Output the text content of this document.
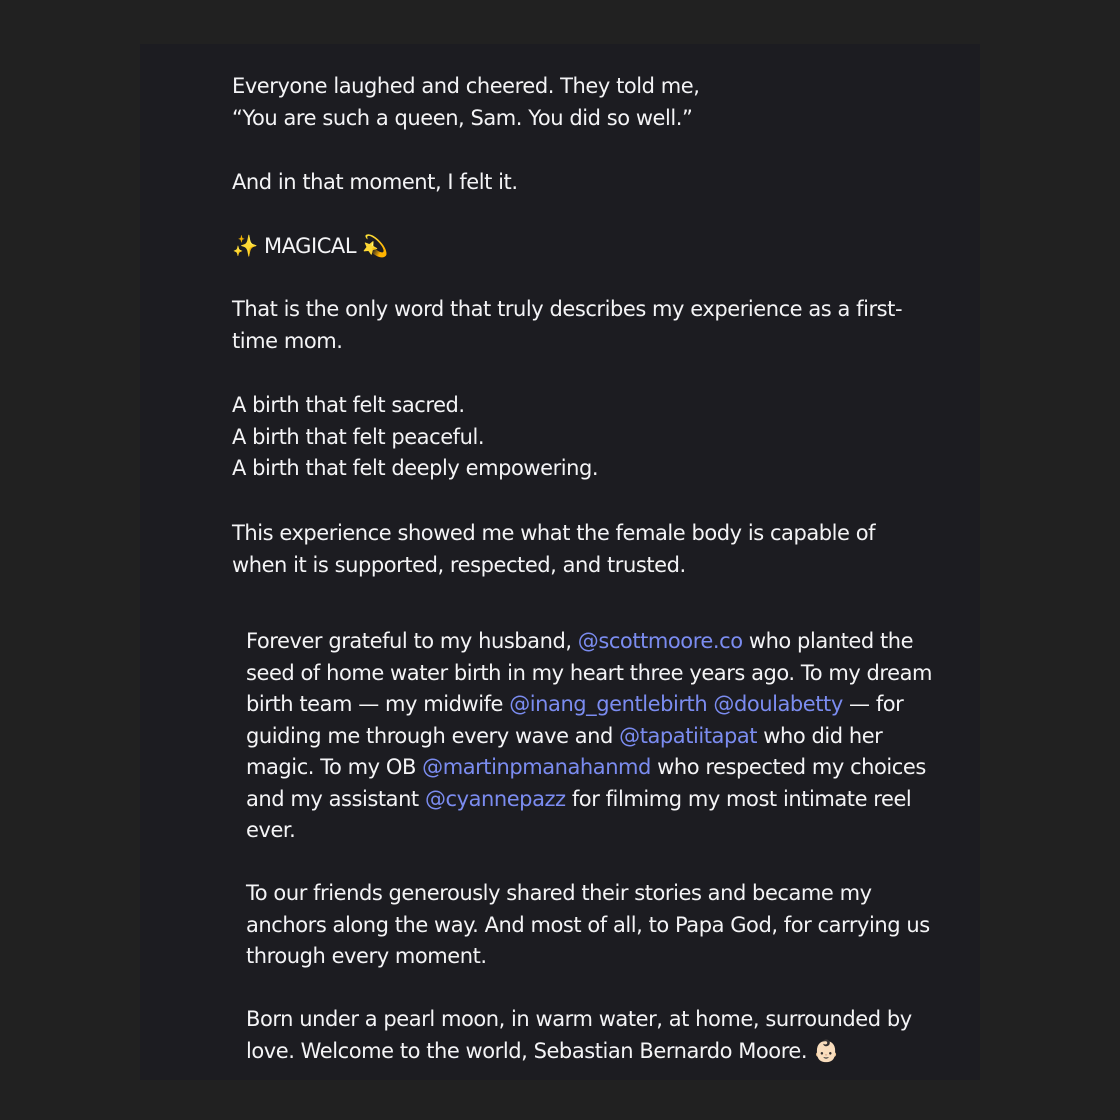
Everyone laughed and cheered. They told me,
“You are such a queen, Sam. You did so well.”

And in that moment, I felt it.

✨ MAGICAL 💫

That is the only word that truly describes my experience as a first-
time mom.

A birth that felt sacred.
A birth that felt peaceful.
A birth that felt deeply empowering.

This experience showed me what the female body is capable of
when it is supported, respected, and trusted.

Forever grateful to my husband, @scottmoore.co who planted the
seed of home water birth in my heart three years ago. To my dream
birth team — my midwife @inang_gentlebirth @doulabetty — for
guiding me through every wave and @tapatiitapat who did her
magic. To my OB @martinpmanahanmd who respected my choices
and my assistant @cyannepazz for filmimg my most intimate reel
ever.

To our friends generously shared their stories and became my
anchors along the way. And most of all, to Papa God, for carrying us
through every moment.

Born under a pearl moon, in warm water, at home, surrounded by
love. Welcome to the world, Sebastian Bernardo Moore. 👶🏻
